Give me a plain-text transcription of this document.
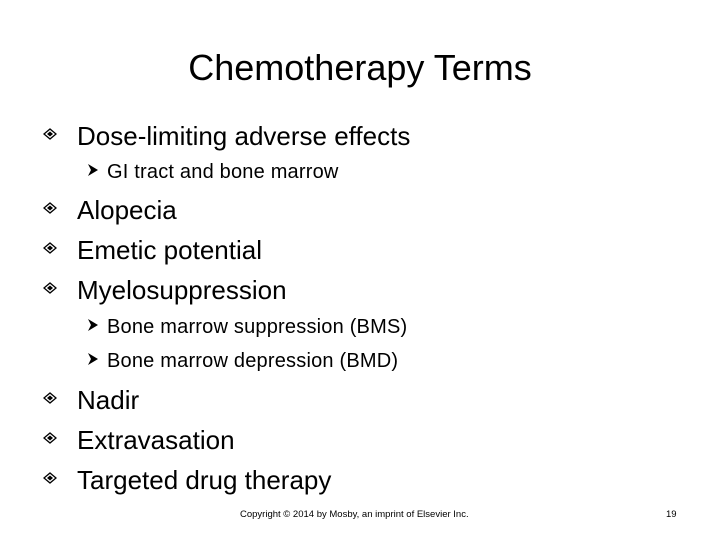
Chemotherapy Terms
Dose-limiting adverse effects
GI tract and bone marrow
Alopecia
Emetic potential
Myelosuppression
Bone marrow suppression (BMS)
Bone marrow depression (BMD)
Nadir
Extravasation
Targeted drug therapy
Copyright © 2014 by Mosby, an imprint of Elsevier Inc.	19
